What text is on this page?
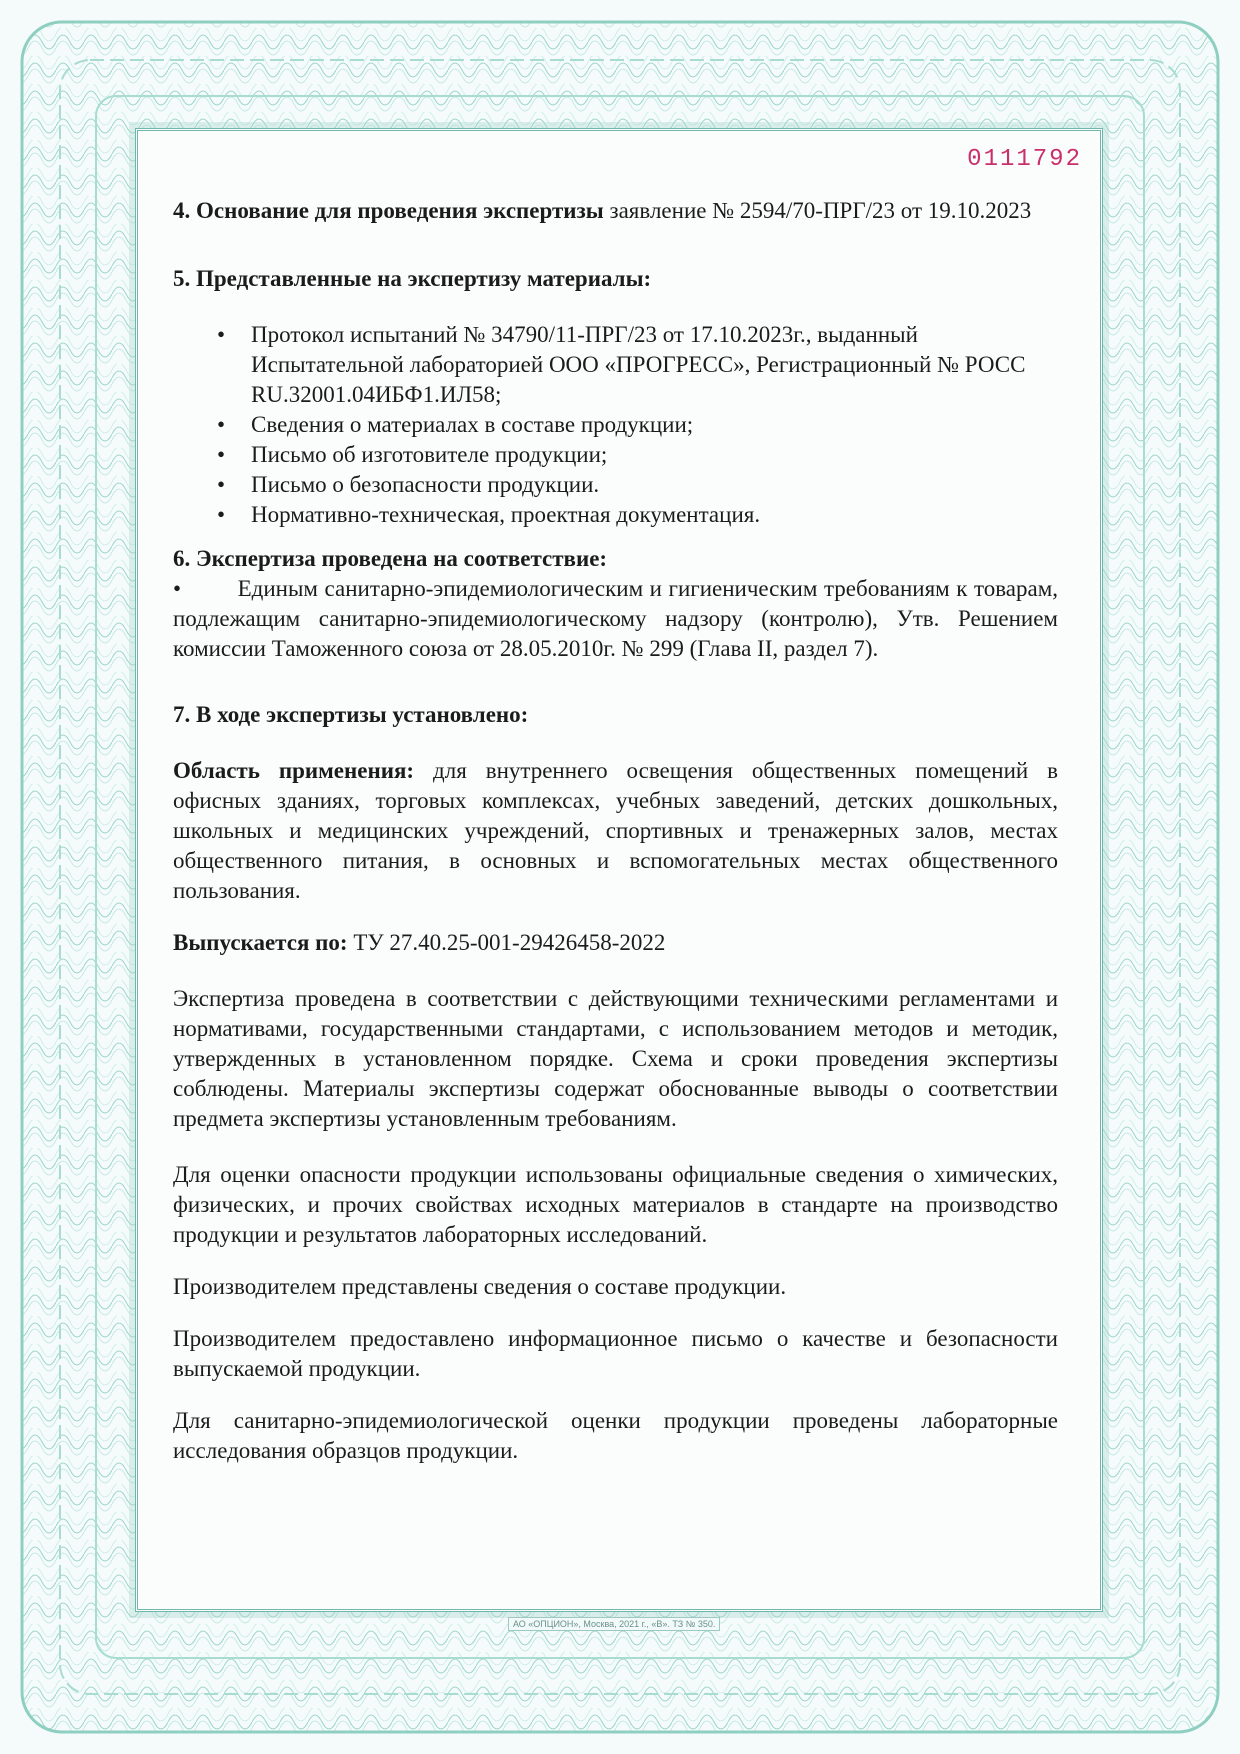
0111792

4. Основание для проведения экспертизы заявление № 2594/70-ПРГ/23 от 19.10.2023

5. Представленные на экспертизу материалы:

• Протокол испытаний № 34790/11-ПРГ/23 от 17.10.2023г., выданный Испытательной лабораторией ООО «ПРОГРЕСС», Регистрационный № РОСС RU.32001.04ИБФ1.ИЛ58;
• Сведения о материалах в составе продукции;
• Письмо об изготовителе продукции;
• Письмо о безопасности продукции.
• Нормативно-техническая, проектная документация.

6. Экспертиза проведена на соответствие:

• Единым санитарно-эпидемиологическим и гигиеническим требованиям к товарам, подлежащим санитарно-эпидемиологическому надзору (контролю), Утв. Решением комиссии Таможенного союза от 28.05.2010г. № 299 (Глава II, раздел 7).

7. В ходе экспертизы установлено:

Область применения: для внутреннего освещения общественных помещений в офисных зданиях, торговых комплексах, учебных заведений, детских дошкольных, школьных и медицинских учреждений, спортивных и тренажерных залов, местах общественного питания, в основных и вспомогательных местах общественного пользования.

Выпускается по: ТУ 27.40.25-001-29426458-2022

Экспертиза проведена в соответствии с действующими техническими регламентами и нормативами, государственными стандартами, с использованием методов и методик, утвержденных в установленном порядке. Схема и сроки проведения экспертизы соблюдены. Материалы экспертизы содержат обоснованные выводы о соответствии предмета экспертизы установленным требованиям.

Для оценки опасности продукции использованы официальные сведения о химических, физических, и прочих свойствах исходных материалов в стандарте на производство продукции и результатов лабораторных исследований.

Производителем представлены сведения о составе продукции.

Производителем предоставлено информационное письмо о качестве и безопасности выпускаемой продукции.

Для санитарно-эпидемиологической оценки продукции проведены лабораторные исследования образцов продукции.

АО «ОПЦИОН», Москва, 2021 г., «В». ТЗ № 350.
